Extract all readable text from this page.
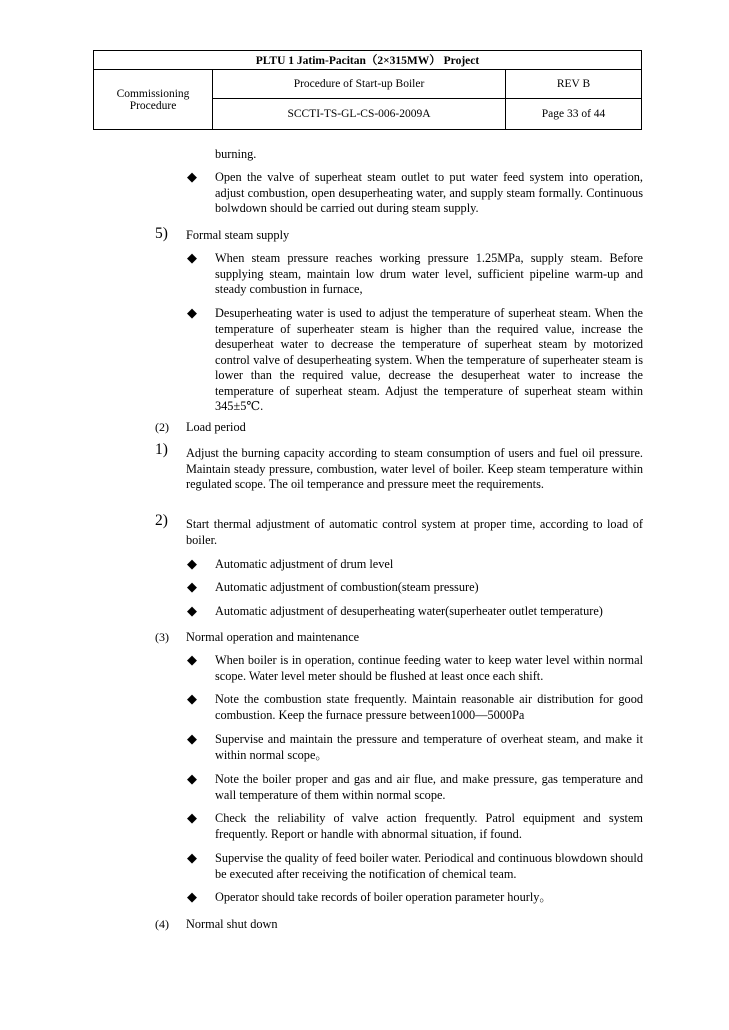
PLTU 1 Jatim-Pacitan（2×315MW） Project		
Commissioning Procedure	Procedure of Start-up Boiler	REV B
	SCCTI-TS-GL-CS-006-2009A	Page 33 of 44
burning.
◆ Open the valve of superheat steam outlet to put water feed system into operation, adjust combustion, open desuperheating water, and supply steam formally. Continuous bolwdown should be carried out during steam supply.
5) Formal steam supply
◆ When steam pressure reaches working pressure 1.25MPa, supply steam. Before supplying steam, maintain low drum water level, sufficient pipeline warm-up and steady combustion in furnace,
◆ Desuperheating water is used to adjust the temperature of superheat steam. When the temperature of superheater steam is higher than the required value, increase the desuperheat water to decrease the temperature of superheat steam by motorized control valve of desuperheating system. When the temperature of superheater steam is lower than the required value, decrease the desuperheat water to increase the temperature of superheat steam. Adjust the temperature of superheat steam within 345±5℃.
(2) Load period
1) Adjust the burning capacity according to steam consumption of users and fuel oil pressure. Maintain steady pressure, combustion, water level of boiler. Keep steam temperature within regulated scope. The oil temperance and pressure meet the requirements.
2) Start thermal adjustment of automatic control system at proper time, according to load of boiler.
◆ Automatic adjustment of drum level
◆ Automatic adjustment of combustion(steam pressure)
◆ Automatic adjustment of desuperheating water(superheater outlet temperature)
(3) Normal operation and maintenance
◆ When boiler is in operation, continue feeding water to keep water level within normal scope. Water level meter should be flushed at least once each shift.
◆ Note the combustion state frequently. Maintain reasonable air distribution for good combustion. Keep the furnace pressure between1000—5000Pa
◆ Supervise and maintain the pressure and temperature of overheat steam, and make it within normal scope。
◆ Note the boiler proper and gas and air flue, and make pressure, gas temperature and wall temperature of them within normal scope.
◆ Check the reliability of valve action frequently. Patrol equipment and system frequently. Report or handle with abnormal situation, if found.
◆ Supervise the quality of feed boiler water. Periodical and continuous blowdown should be executed after receiving the notification of chemical team.
◆ Operator should take records of boiler operation parameter hourly。
(4) Normal shut down
